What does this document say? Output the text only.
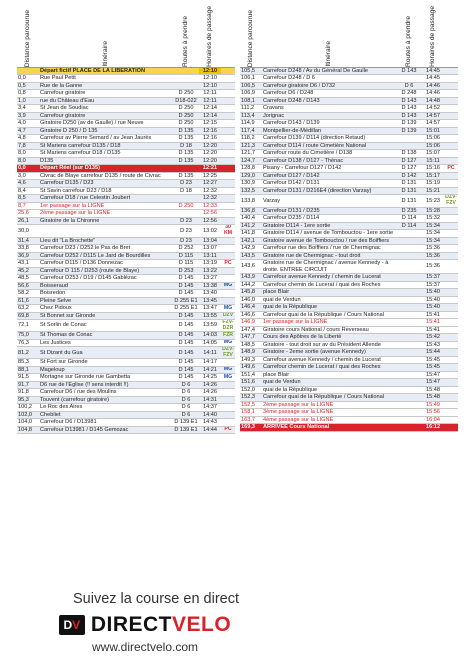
Distance parcourue	Itinéraire	Routes à prendre	Horaires de passage	

	Départ fictif PLACE DE LA LIBERATION		12:10	
0,0	Rue Paul Petit		12:10	
0,5	Rue de la Ganne		12:10	
0,8	Carrefour giratoire	D 250	12:11	
1,0	rue du Château d'Eau	D18-022	12:11	
3,4	St Jean de Soudiac	D 250	12:14	
3,9	Carrefour giratoire	D 250	12:14	
4,0	Giratoire D250 (av de Gaulle) / rue Neuve	D 250	12:15	
4,7	Giratoire D 250 / D 135	D 135	12:16	
4,8	Carrefour av Pierre Semard / av Jean Jaurès	D 135	12:16	
7,8	St Mariens carrefour D135 / D18	D 18	12:20	
8,0	St Mariens carrefour D18 / D135	D 135	12:20	
8,0	D135	D 135	12:20	
0,0	Départ Réel (sur D135)		12:21	
3,0	Civrac de Blaye carrefour D135 / route de Civrac	D 135	12:25	
4,6	Carrefour D135 / D23	D 23	12:27	
8,4	St Savin carrefour D23 / D18	D 18	12:32	
8,5	Carrefour D18 / rue Celestin Joubert		12:32	
8,7	1er passage sur la LIGNE	D 250	12:33	
25,6	2ème passage sur la LIGNE		12:56	
26,1	Giratoire de la Chironne	D 23	12:56	
30,0		D 23	13:02	30 KM
31,4	Lieu dit "La Brochette"	D 23	13:04	
33,8	Carrefour D23 / D252 le Pas de Bret	D 252	13:07	
36,9	Carrefour D252 / D115 Le Jard de Bourdilles	D 115	13:11	
43,1	Carrefour D115 / D136 Donnezac	D 115	13:19	PC
45,2	Carrefour D 115 / D253 (route de Blaye)	D 253	13:22	
48,5	Carrefour D253 / D19 / D145 Gablézac	D 145	13:27	
56,6	Boisseraud	D 145	13:38	MG
58,2	Boisredon	D 145	13:40	
61,6	Pleine Selve	D 255 E1	13:45	
63,2	Chez Pidoux	D 255 E1	13:47	MG
69,8	St Bonnet sur Gironde	D 145	13:55	DZV
72,1	St Sorlin de Conac	D 145	13:59	FZV-DZR
75,0	St Thomas de Conac	D 145	14:03	FZR
76,3	Les Justices	D 145	14:05	MG
81,2	St Dizant du Gua	D 145	14:11	DZV-FZV
85,3	St Fort sur Gironde	D 145	14:17	
88,1	Mageloup	D 145	14:21	MG
91,5	Mortagne sur Gironde rue Gambetta	D 145	14:25	MG
91,7	D6 rue de l'Eglise (!! sens interdit !!)	D 6	14:26	
91,8	Carrefour D6 / rue des Moulins	D 6	14:26	
95,3	Touvent (carrefour giratoire)	D 6	14:31	
100,2	Le Roc des Aires	D 6	14:37	
102,0	Chebliet	D 6	14:40	
104,0	Carrefour D6 / D13981	D 139 E1	14:43	
104,8	Carrefour D13981 / D145 Gemozac	D 139 E1	14:44	PC
Distance parcourue	Itinéraire	Routes à prendre	Horaires de passage	

105,5	Carrefour D248 / Av du Général De Gaulle	D 143	14:45	
106,1	Carrefour D248 / D 6		14:45	
106,5	Carrefour giratoire D6 / D732	D 6	14:46	
106,9	Carrefour D6 / D248	D 248	14:46	
108,1	Carrefour D248 / D143	D 143	14:48	
111,2	Cravans	D 143	14:52	
113,4	Jorignac	D 143	14:57	
114,9	Carrefour D143 / D139	D 139	14:57	
117,4	Montpellier-de-Médillan	D 139	15:01	
118,2	Carrefour D139 / D114 (direction Retaud)		15:06	
121,3	Carrefour D114 / route Cimetière National		15:06	
121,7	Carrefour route du Cimetière / D138	D 138	15:07	
124,7	Carrefour D138 / D127 - Thénac	D 127	15:11	
128,8	Pisany - Carrefour D127 / D142	D 127	15:16	PC
129,0	Carrefour D127 / D142	D 142	15:17	
130,9	Carrefour D142 / D131	D 131	15:19	
132,5	Carrefour D131 / D216E4 (direction Varzay)	D 131	15:21	
133,8	Varzay	D 131	15:23	DZV-FZV
136,8	Carrefour D131 / D235	D 235	15:28	
140,4	Carrefour D235 / D114	D 114	15:32	
141,2	Giratoire D114 - 1ere sortie	D 114	15:34	
141,8	Giratoire D114 / avenue de Tombouctou - 1ere sortie		15:34	
142,1	Giratoire avenue de Tombouctou / rue des Boiffiers		15:34	
142,9	Carrefour rue des Boiffiers / rue de Chermignac		15:36	
143,5	Giratoire rue de Chermignac - tout droit		15:36	
143,6	Giratoire rue de Chermignac / avenue Kennedy - à droite. ENTREE CIRCUIT		15:36	
143,9	Carrefour avenue Kennedy / chemin de Lucerat		15:37	
144,2	Carrefour chemin de Lucerat / quai des Roches		15:37	
145,8	place Blair		15:40	
146,0	quai de Verdun		15:40	
146,4	quai de la République		15:40	
146,6	Carrefour quai de la République / Cours National		15:41	
146,9	1er passage sur la LIGNE		15:41	
147,4	Giratoire cours National / cours Reverseau		15:41	
147,7	Cours des Apôtres de la Liberté		15:42	
148,5	Giratoire - tout droit sur av du Président Allende		15:43	
148,9	Giratoire - 2eme sortie (avenue Kennedy)		15:44	
149,3	Carrefour avenue Kennedy / chemin de Lucerat		15:45	
149,6	Carrefour chemin de Lucerat / quai des Roches		15:45	
151,4	place Blair		15:47	
151,6	quai de Verdun		15:47	
152,0	quai de la République		15:48	
152,3	Carrefour quai de la République / Cours National		15:48	
152,5	2ème passage sur la LIGNE		15:49	
158,1	3ème passage sur la LIGNE		15:56	
163,7	4ème passage sur la LIGNE		16:04	
169,3	ARRIVEE Cours National		16:12	
Suivez la course en direct
D V DIRECTVELO
www.directvelo.com
